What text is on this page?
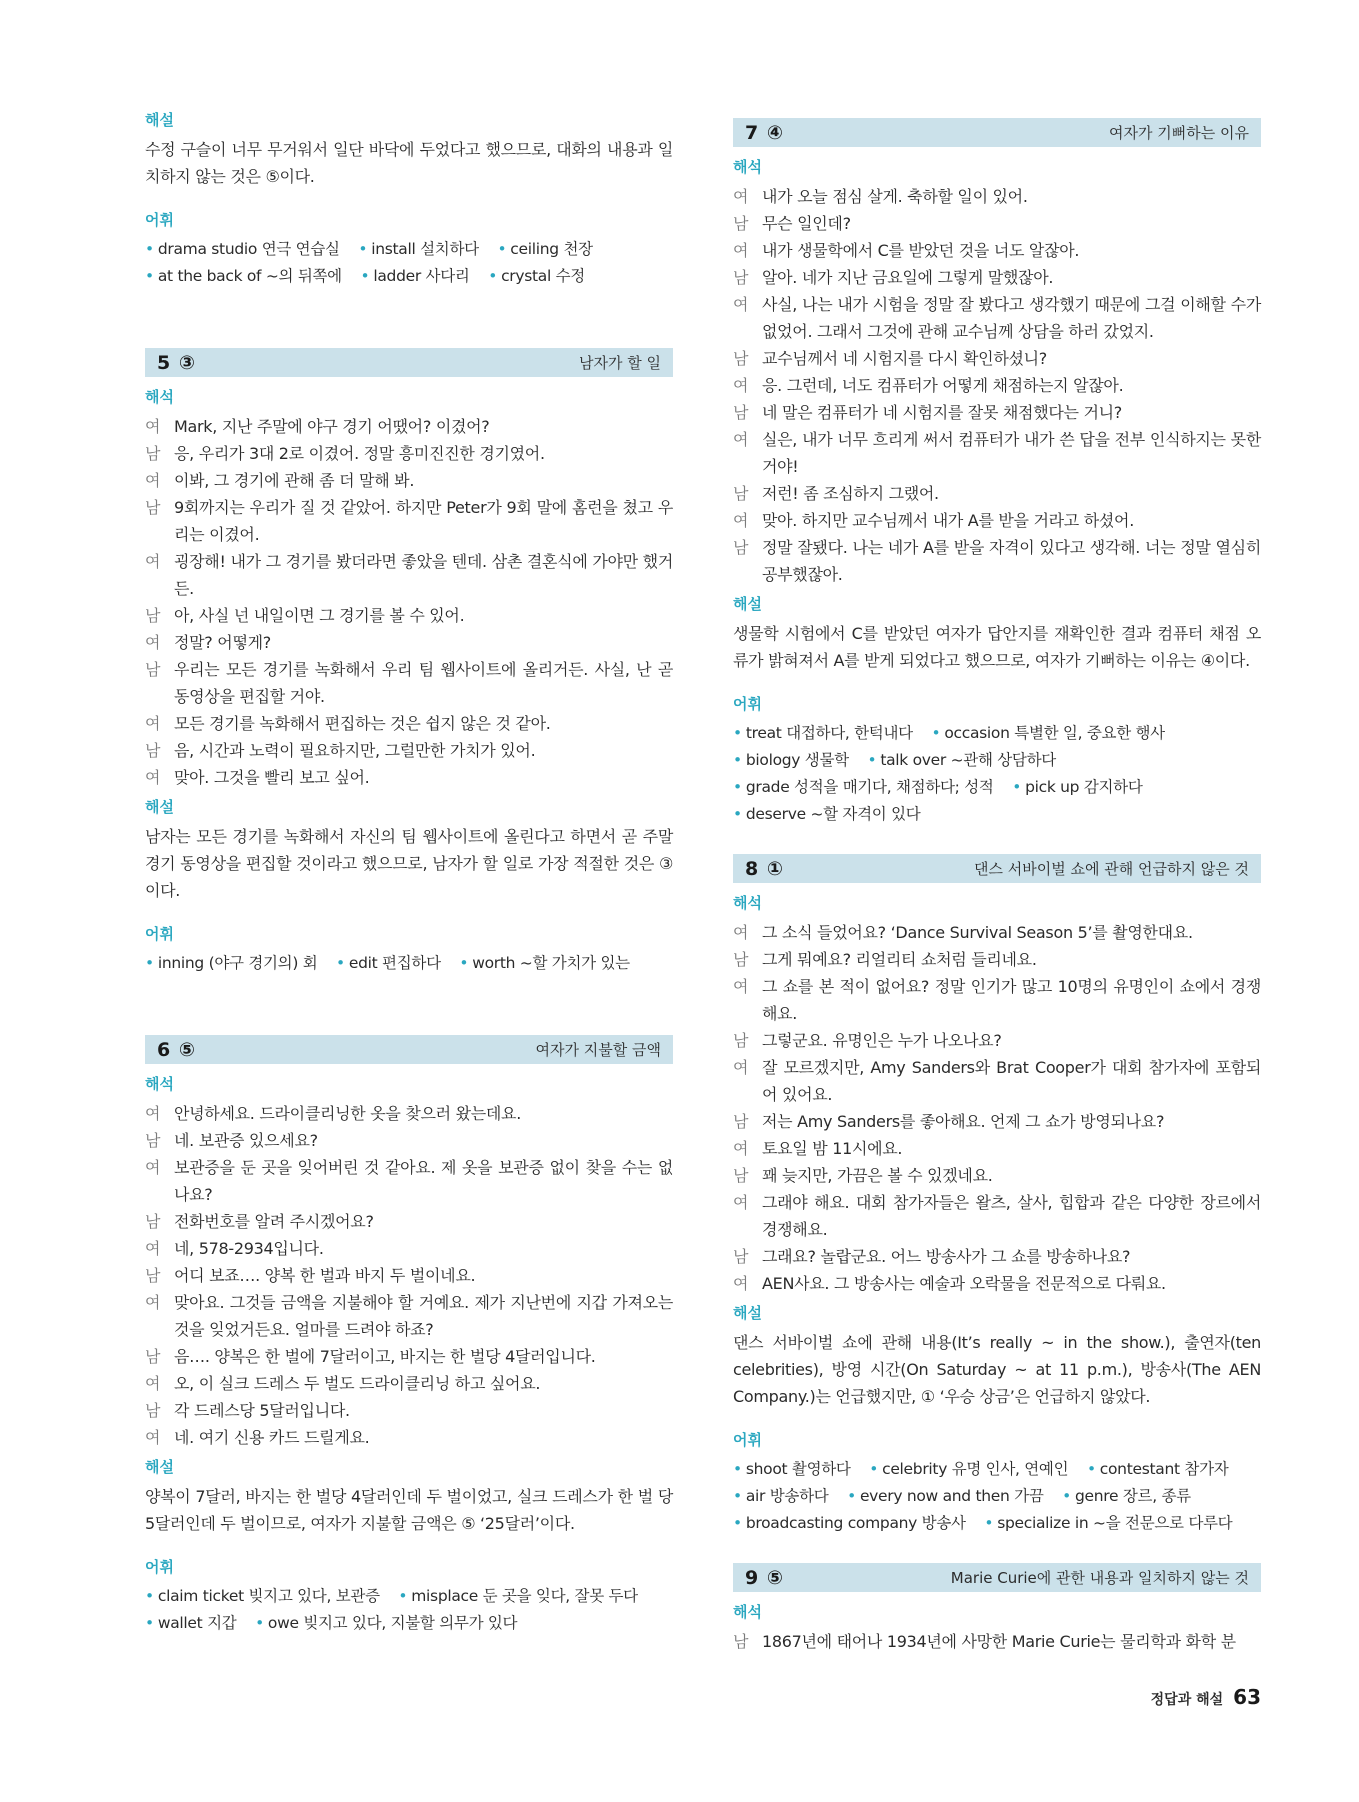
해설

수정 구슬이 너무 무거워서 일단 바닥에 두었다고 했으므로, 대화의 내용과 일치하지 않는 것은 ⑤이다.

어휘

• drama studio 연극 연습실 • install 설치하다 • ceiling 천장 • at the back of ~의 뒤쪽에 • ladder 사다리 • crystal 수정

5 ③	남자가 할 일
해석
여 Mark, 지난 주말에 야구 경기 어땠어? 이겼어?
남 응, 우리가 3대 2로 이겼어. 정말 흥미진진한 경기였어.
여 이봐, 그 경기에 관해 좀 더 말해 봐.
남 9회까지는 우리가 질 것 같았어. 하지만 Peter가 9회 말에 홈런을 쳤고 우리는 이겼어.
여 굉장해! 내가 그 경기를 봤더라면 좋았을 텐데. 삼촌 결혼식에 가야만 했거든.
남 아, 사실 넌 내일이면 그 경기를 볼 수 있어.
여 정말? 어떻게?
남 우리는 모든 경기를 녹화해서 우리 팀 웹사이트에 올리거든. 사실, 난 곧 동영상을 편집할 거야.
여 모든 경기를 녹화해서 편집하는 것은 쉽지 않은 것 같아.
남 음, 시간과 노력이 필요하지만, 그럴만한 가치가 있어.
여 맞아. 그것을 빨리 보고 싶어.
해설

남자는 모든 경기를 녹화해서 자신의 팀 웹사이트에 올린다고 하면서 곧 주말 경기 동영상을 편집할 것이라고 했으므로, 남자가 할 일로 가장 적절한 것은 ③이다.

어휘

• inning (야구 경기의) 회 • edit 편집하다 • worth ~할 가치가 있는

6 ⑤	여자가 지불할 금액
해석
여 안녕하세요. 드라이클리닝한 옷을 찾으러 왔는데요.
남 네. 보관증 있으세요?
여 보관증을 둔 곳을 잊어버린 것 같아요. 제 옷을 보관증 없이 찾을 수는 없나요?
남 전화번호를 알려 주시겠어요?
여 네, 578-2934입니다.
남 어디 보죠…. 양복 한 벌과 바지 두 벌이네요.
여 맞아요. 그것들 금액을 지불해야 할 거예요. 제가 지난번에 지갑 가져오는 것을 잊었거든요. 얼마를 드려야 하죠?
남 음…. 양복은 한 벌에 7달러이고, 바지는 한 벌당 4달러입니다.
여 오, 이 실크 드레스 두 벌도 드라이클리닝 하고 싶어요.
남 각 드레스당 5달러입니다.
여 네. 여기 신용 카드 드릴게요.
해설

양복이 7달러, 바지는 한 벌당 4달러인데 두 벌이었고, 실크 드레스가 한 벌 당 5달러인데 두 벌이므로, 여자가 지불할 금액은 ⑤ ‘25달러’이다.

어휘

• claim ticket 빚지고 있다, 보관증 • misplace 둔 곳을 잊다, 잘못 두다
• wallet 지갑 • owe 빚지고 있다, 지불할 의무가 있다

7 ④	여자가 기뻐하는 이유
해석
여 내가 오늘 점심 살게. 축하할 일이 있어.
남 무슨 일인데?
여 내가 생물학에서 C를 받았던 것을 너도 알잖아.
남 알아. 네가 지난 금요일에 그렇게 말했잖아.
여 사실, 나는 내가 시험을 정말 잘 봤다고 생각했기 때문에 그걸 이해할 수가 없었어. 그래서 그것에 관해 교수님께 상담을 하러 갔었지.
남 교수님께서 네 시험지를 다시 확인하셨니?
여 응. 그런데, 너도 컴퓨터가 어떻게 채점하는지 알잖아.
남 네 말은 컴퓨터가 네 시험지를 잘못 채점했다는 거니?
여 실은, 내가 너무 흐리게 써서 컴퓨터가 내가 쓴 답을 전부 인식하지는 못한 거야!
남 저런! 좀 조심하지 그랬어.
여 맞아. 하지만 교수님께서 내가 A를 받을 거라고 하셨어.
남 정말 잘됐다. 나는 네가 A를 받을 자격이 있다고 생각해. 너는 정말 열심히 공부했잖아.
해설

생물학 시험에서 C를 받았던 여자가 답안지를 재확인한 결과 컴퓨터 채점 오류가 밝혀져서 A를 받게 되었다고 했으므로, 여자가 기뻐하는 이유는 ④이다.

어휘

• treat 대접하다, 한턱내다 • occasion 특별한 일, 중요한 행사 • biology 생물학 • talk over ~관해 상담하다 • grade 성적을 매기다, 채점하다; 성적 • pick up 감지하다 • deserve ~할 자격이 있다

8 ①	댄스 서바이벌 쇼에 관해 언급하지 않은 것
해석
여 그 소식 들었어요? ‘Dance Survival Season 5’를 촬영한대요.
남 그게 뭐예요? 리얼리티 쇼처럼 들리네요.
여 그 쇼를 본 적이 없어요? 정말 인기가 많고 10명의 유명인이 쇼에서 경쟁해요.
남 그렇군요. 유명인은 누가 나오나요?
여 잘 모르겠지만, Amy Sanders와 Brat Cooper가 대회 참가자에 포함되어 있어요.
남 저는 Amy Sanders를 좋아해요. 언제 그 쇼가 방영되나요?
여 토요일 밤 11시에요.
남 꽤 늦지만, 가끔은 볼 수 있겠네요.
여 그래야 해요. 대회 참가자들은 왈츠, 살사, 힙합과 같은 다양한 장르에서 경쟁해요.
남 그래요? 놀랍군요. 어느 방송사가 그 쇼를 방송하나요?
여 AEN사요. 그 방송사는 예술과 오락물을 전문적으로 다뤄요.
해설

댄스 서바이벌 쇼에 관해 내용(It’s really ~ in the show.), 출연자(ten celebrities), 방영 시간(On Saturday ~ at 11 p.m.), 방송사(The AEN Company.)는 언급했지만, ① ‘우승 상금’은 언급하지 않았다.

어휘

• shoot 촬영하다 • celebrity 유명 인사, 연예인 • contestant 참가자 • air 방송하다 • every now and then 가끔 • genre 장르, 종류 • broadcasting company 방송사 • specialize in ~을 전문으로 다루다

9 ⑤	Marie Curie에 관한 내용과 일치하지 않는 것
해석
남 1867년에 태어나 1934년에 사망한 Marie Curie는 물리학과 화학 분
정답과 해설 63
